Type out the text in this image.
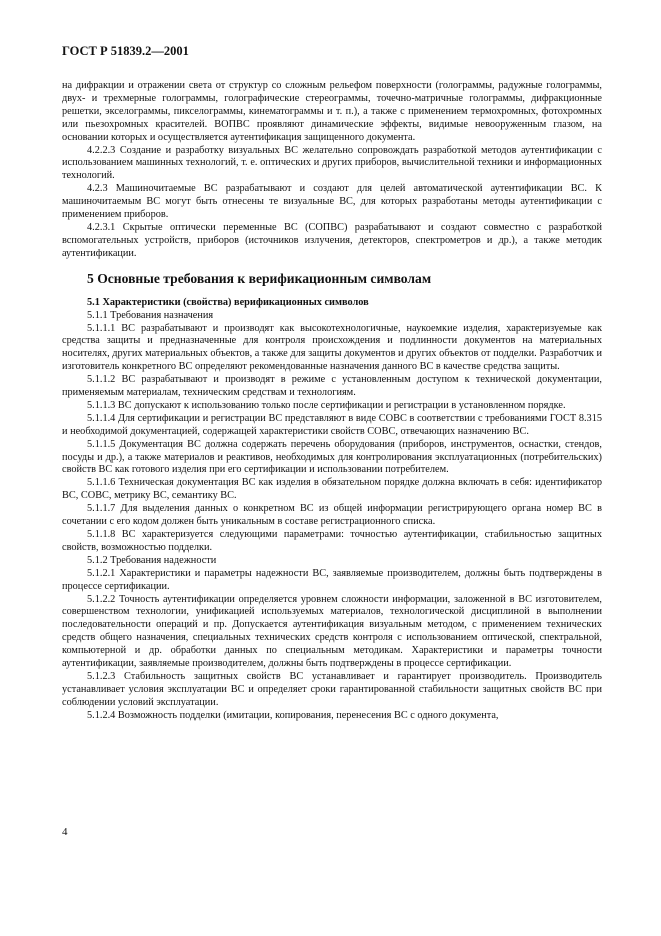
ГОСТ Р 51839.2—2001

на дифракции и отражении света от структур со сложным рельефом поверхности (голограммы, радужные голограммы, двух- и трехмерные голограммы, голографические стереограммы, точечно-матричные голограммы, дифракционные решетки, экселограммы, пикселограммы, кинематограммы и т. п.), а также с применением термохромных, фотохромных или пьезохромных красителей. ВОПВС проявляют динамические эффекты, видимые невооруженным глазом, на основании которых и осуществляется аутентификация защищенного документа.

4.2.2.3 Создание и разработку визуальных ВС желательно сопровождать разработкой методов аутентификации с использованием машинных технологий, т. е. оптических и других приборов, вычислительной техники и информационных технологий.

4.2.3 Машиночитаемые ВС разрабатывают и создают для целей автоматической аутентификации ВС. К машиночитаемым ВС могут быть отнесены те визуальные ВС, для которых разработаны методы аутентификации с применением приборов.

4.2.3.1 Скрытые оптически переменные ВС (СОПВС) разрабатывают и создают совместно с разработкой вспомогательных устройств, приборов (источников излучения, детекторов, спектрометров и др.), а также методик аутентификации.

5 Основные требования к верификационным символам

5.1 Характеристики (свойства) верификационных символов

5.1.1 Требования назначения

5.1.1.1 ВС разрабатывают и производят как высокотехнологичные, наукоемкие изделия, характеризуемые как средства защиты и предназначенные для контроля происхождения и подлинности документов на материальных носителях, других материальных объектов, а также для защиты документов и других объектов от подделки. Разработчик и изготовитель конкретного ВС определяют рекомендованные назначения данного ВС в качестве средства защиты.

5.1.1.2 ВС разрабатывают и производят в режиме с установленным доступом к технической документации, применяемым материалам, техническим средствам и технологиям.

5.1.1.3 ВС допускают к использованию только после сертификации и регистрации в установленном порядке.

5.1.1.4 Для сертификации и регистрации ВС представляют в виде СОВС в соответствии с требованиями ГОСТ 8.315 и необходимой документацией, содержащей характеристики свойств СОВС, отвечающих назначению ВС.

5.1.1.5 Документация ВС должна содержать перечень оборудования (приборов, инструментов, оснастки, стендов, посуды и др.), а также материалов и реактивов, необходимых для контролирования эксплуатационных (потребительских) свойств ВС как готового изделия при его сертификации и использовании потребителем.

5.1.1.6 Техническая документация ВС как изделия в обязательном порядке должна включать в себя: идентификатор ВС, СОВС, метрику ВС, семантику ВС.

5.1.1.7 Для выделения данных о конкретном ВС из общей информации регистрирующего органа номер ВС в сочетании с его кодом должен быть уникальным в составе регистрационного списка.

5.1.1.8 ВС характеризуется следующими параметрами: точностью аутентификации, стабильностью защитных свойств, возможностью подделки.

5.1.2 Требования надежности

5.1.2.1 Характеристики и параметры надежности ВС, заявляемые производителем, должны быть подтверждены в процессе сертификации.

5.1.2.2 Точность аутентификации определяется уровнем сложности информации, заложенной в ВС изготовителем, совершенством технологии, унификацией используемых материалов, технологической дисциплиной в выполнении последовательности операций и пр. Допускается аутентификация визуальным методом, с применением технических средств общего назначения, специальных технических средств контроля с использованием оптической, спектральной, компьютерной и др. обработки данных по специальным методикам. Характеристики и параметры точности аутентификации, заявляемые производителем, должны быть подтверждены в процессе сертификации.

5.1.2.3 Стабильность защитных свойств ВС устанавливает и гарантирует производитель. Производитель устанавливает условия эксплуатации ВС и определяет сроки гарантированной стабильности защитных свойств ВС при соблюдении условий эксплуатации.

5.1.2.4 Возможность подделки (имитации, копирования, перенесения ВС с одного документа,

4
